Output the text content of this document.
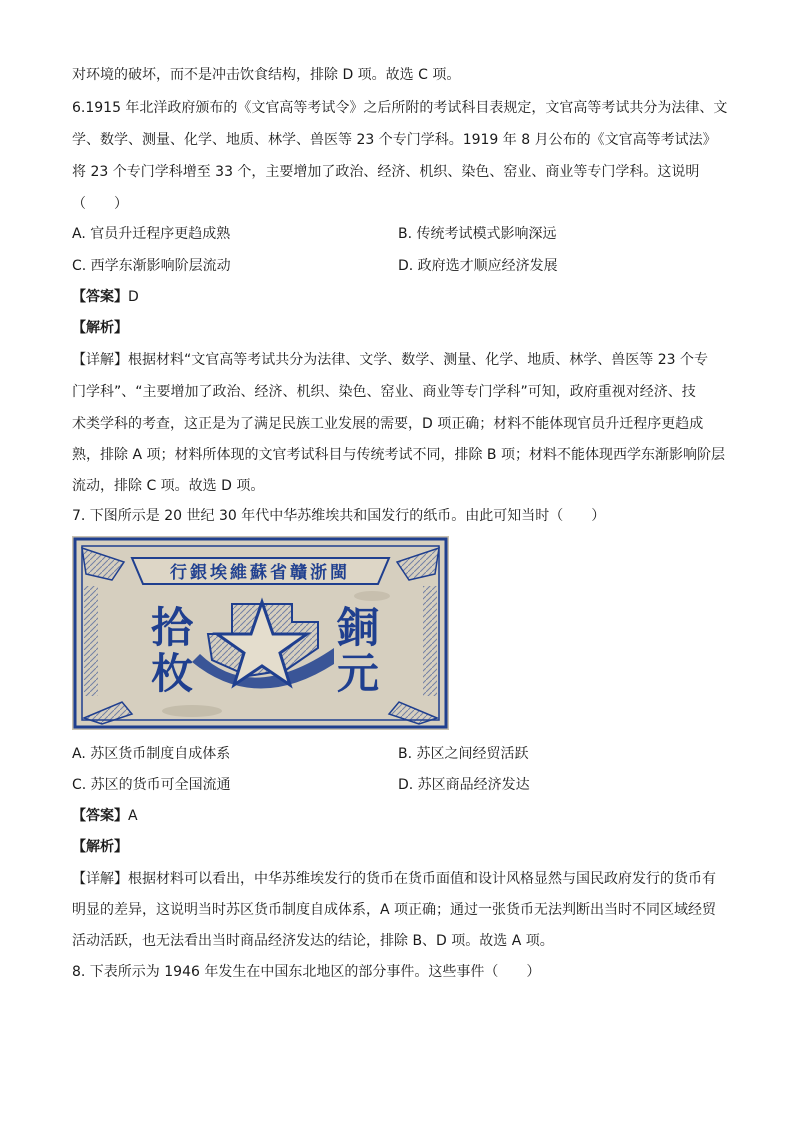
对环境的破坏，而不是冲击饮食结构，排除 D 项。故选 C 项。
6.1915 年北洋政府颁布的《文官高等考试令》之后所附的考试科目表规定，文官高等考试共分为法律、文
学、数学、测量、化学、地质、林学、兽医等 23 个专门学科。1919 年 8 月公布的《文官高等考试法》
将 23 个专门学科增至 33 个，主要增加了政治、经济、机织、染色、窑业、商业等专门学科。这说明
（　　）
A. 官员升迁程序更趋成熟	B. 传统考试模式影响深远
C. 西学东渐影响阶层流动	D. 政府选才顺应经济发展
【答案】D
【解析】
【详解】根据材料“文官高等考试共分为法律、文学、数学、测量、化学、地质、林学、兽医等 23 个专
门学科”、“主要增加了政治、经济、机织、染色、窑业、商业等专门学科”可知，政府重视对经济、技
术类学科的考查，这正是为了满足民族工业发展的需要，D 项正确；材料不能体现官员升迁程序更趋成
熟，排除 A 项；材料所体现的文官考试科目与传统考试不同，排除 B 项；材料不能体现西学东渐影响阶层
流动，排除 C 项。故选 D 项。
7. 下图所示是 20 世纪 30 年代中华苏维埃共和国发行的纸币。由此可知当时（　　）
行銀埃維蘇省贛浙閩
拾
枚
銅
元
A. 苏区货币制度自成体系	B. 苏区之间经贸活跃
C. 苏区的货币可全国流通	D. 苏区商品经济发达
【答案】A
【解析】
【详解】根据材料可以看出，中华苏维埃发行的货币在货币面值和设计风格显然与国民政府发行的货币有
明显的差异，这说明当时苏区货币制度自成体系，A 项正确；通过一张货币无法判断出当时不同区域经贸
活动活跃，也无法看出当时商品经济发达的结论，排除 B、D 项。故选 A 项。
8. 下表所示为 1946 年发生在中国东北地区的部分事件。这些事件（　　）
